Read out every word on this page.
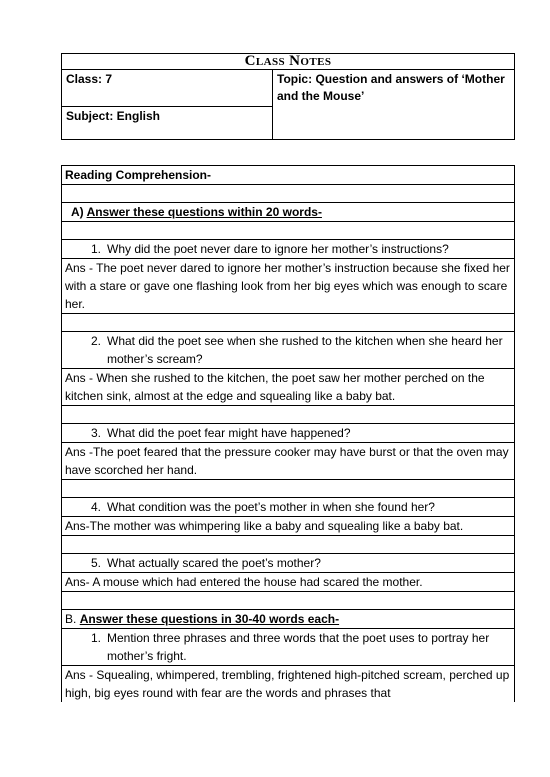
Class Notes
Class: 7	Topic: Question and answers of ‘Mother and the Mouse’
Subject: English
Reading Comprehension-

A) Answer these questions within 20 words-

1. Why did the poet never dare to ignore her mother’s instructions?

Ans - The poet never dared to ignore her mother’s instruction because she fixed her with a stare or gave one flashing look from her big eyes which was enough to scare her.

2. What did the poet see when she rushed to the kitchen when she heard her mother’s scream?

Ans - When she rushed to the kitchen, the poet saw her mother perched on the kitchen sink, almost at the edge and squealing like a baby bat.

3. What did the poet fear might have happened?

Ans -The poet feared that the pressure cooker may have burst or that the oven may have scorched her hand.

4. What condition was the poet’s mother in when she found her?

Ans-The mother was whimpering like a baby and squealing like a baby bat.

5. What actually scared the poet’s mother?

Ans- A mouse which had entered the house had scared the mother.

B. Answer these questions in 30-40 words each-

1. Mention three phrases and three words that the poet uses to portray her mother’s fright.

Ans - Squealing, whimpered, trembling, frightened high-pitched scream, perched up high, big eyes round with fear are the words and phrases that
